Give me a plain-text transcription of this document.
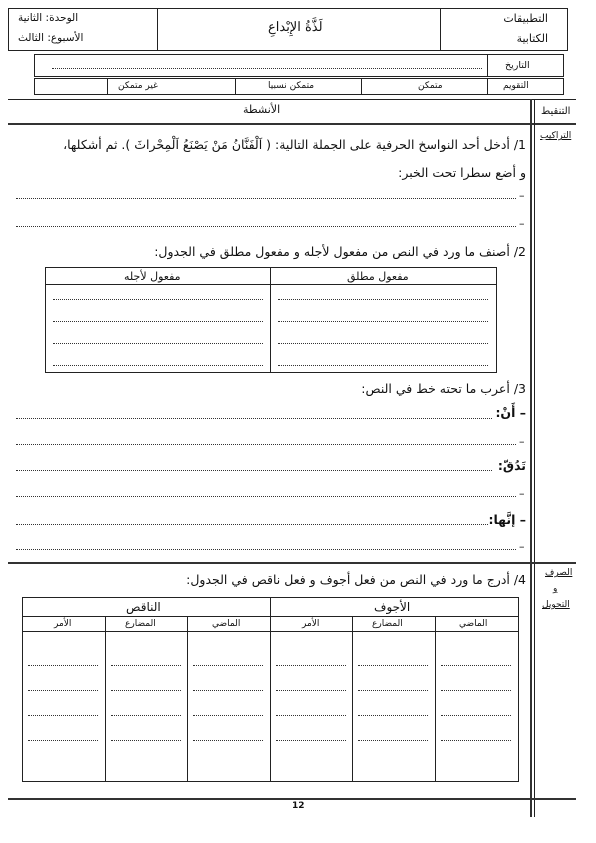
التطبيقات
الكتابية
لَذَّةُ الإِبْداعِ
الوحدة: الثانية
الأسبوع: الثالث
التاريخ
التقويم
متمكن
متمكن نسبيا
غير متمكن
التنقيط
الأنشطة
التراكيب
1/ أدخل أحد النواسخ الحرفية على الجملة التالية: ( اَلْفَنَّانُ مَنْ يَصْنَعُ اَلْمِحْراثَ ). ثم أشكلها،
و أضع سطرا تحت الخبر:
–
–
2/ أصنف ما ورد في النص من مفعول لأجله و مفعول مطلق في الجدول:
مفعول مطلق
مفعول لأجله
3/ أعرب ما تحته خط في النص:
– أَنْ:
–
تَدُقّ:
–
– إنَّها:
–
الصرف
و
التحويل
4/ أدرج ما ورد في النص من فعل أجوف و فعل ناقص في الجدول:
الأجوف
الناقص
الماضي
المضارع
الأمر
الماضي
المضارع
الأمر
12
